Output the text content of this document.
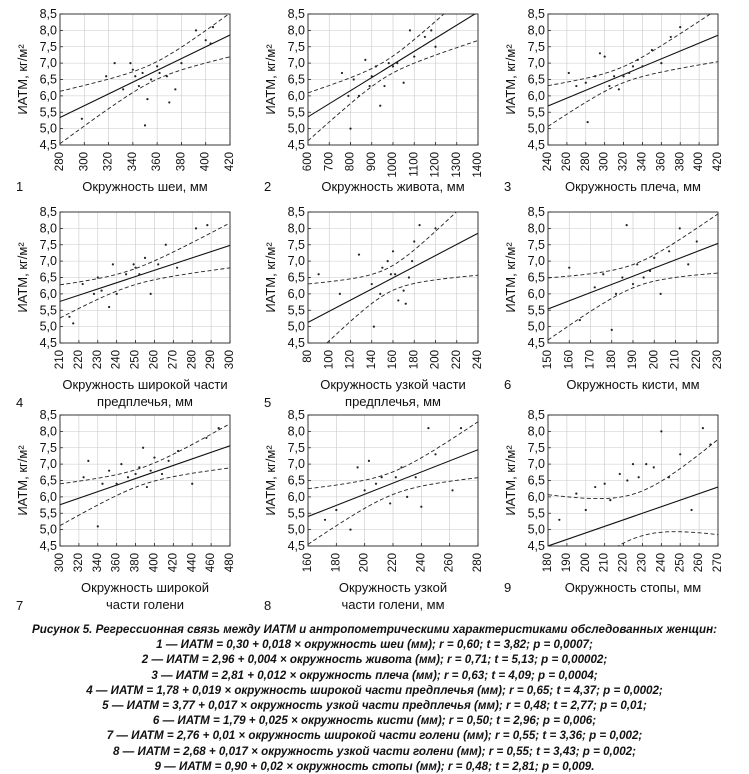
280 300 320 340 360 380 400 420
4,5
5,0
5,5
6,0
6,5
7,0
7,5
8,0
8,5
ИАТМ, кг/м²
Окружность шеи, мм
1
600 700 800 900 1000 1100 1200 1300 1400
4,5
5,0
5,5
6,0
6,5
7,0
7,5
8,0
8,5
ИАТМ, кг/м²
Окружность живота, мм
2
240 260 280 300 320 340 360 380 400 420
4,5
5,0
5,5
6,0
6,5
7,0
7,5
8,0
8,5
ИАТМ, кг/м²
Окружность плеча, мм
3
210 220 230 240 250 260 270 280 290 300
4,5
5,0
5,5
6,0
6,5
7,0
7,5
8,0
8,5
ИАТМ, кг/м²
Окружность широкой части
предплечья, мм
4
80 100 120 140 160 180 200 220 240
4,5
5,0
5,5
6,0
6,5
7,0
7,5
8,0
8,5
ИАТМ, кг/м²
Окружность узкой части
предплечья, мм
5
150 160 170 180 190 200 210 220 230
4,5
5,0
5,5
6,0
6,5
7,0
7,5
8,0
8,5
ИАТМ, кг/м²
Окружность кисти, мм
6
300 320 340 360 380 400 420 440 460 480
4,5
5,0
5,5
6,0
6,5
7,0
7,5
8,0
8,5
ИАТМ, кг/м²
Окружность широкой
части голени
7
160 180 200 220 240 260 280
4,5
5,0
5,5
6,0
6,5
7,0
7,5
8,0
8,5
ИАТМ, кг/м²
Окружность узкой
части голени, мм
8
180 190 200 210 220 230 240 250 260 270
4,5
5,0
5,5
6,0
6,5
7,0
7,5
8,0
8,5
ИАТМ, кг/м²
Окружность стопы, мм
9
Рисунок 5. Регрессионная связь между ИАТМ и антропометрическими характеристиками обследованных женщин:
1 — ИАТМ = 0,30 + 0,018 × окружность шеи (мм); r = 0,60; t = 3,82; p = 0,0007;
2 — ИАТМ = 2,96 + 0,004 × окружность живота (мм); r = 0,71; t = 5,13; p = 0,00002;
3 — ИАТМ = 2,81 + 0,012 × окружность плеча (мм); r = 0,63; t = 4,09; p = 0,0004;
4 — ИАТМ = 1,78 + 0,019 × окружность широкой части предплечья (мм); r = 0,65; t = 4,37; p = 0,0002;
5 — ИАТМ = 3,77 + 0,017 × окружность узкой части предплечья (мм); r = 0,48; t = 2,77; p = 0,01;
6 — ИАТМ = 1,79 + 0,025 × окружность кисти (мм); r = 0,50; t = 2,96; p = 0,006;
7 — ИАТМ = 2,76 + 0,01 × окружность широкой части голени (мм); r = 0,55; t = 3,36; p = 0,002;
8 — ИАТМ = 2,68 + 0,017 × окружность узкой части голени (мм); r = 0,55; t = 3,43; p = 0,002;
9 — ИАТМ = 0,90 + 0,02 × окружность стопы (мм); r = 0,48; t = 2,81; p = 0,009.
